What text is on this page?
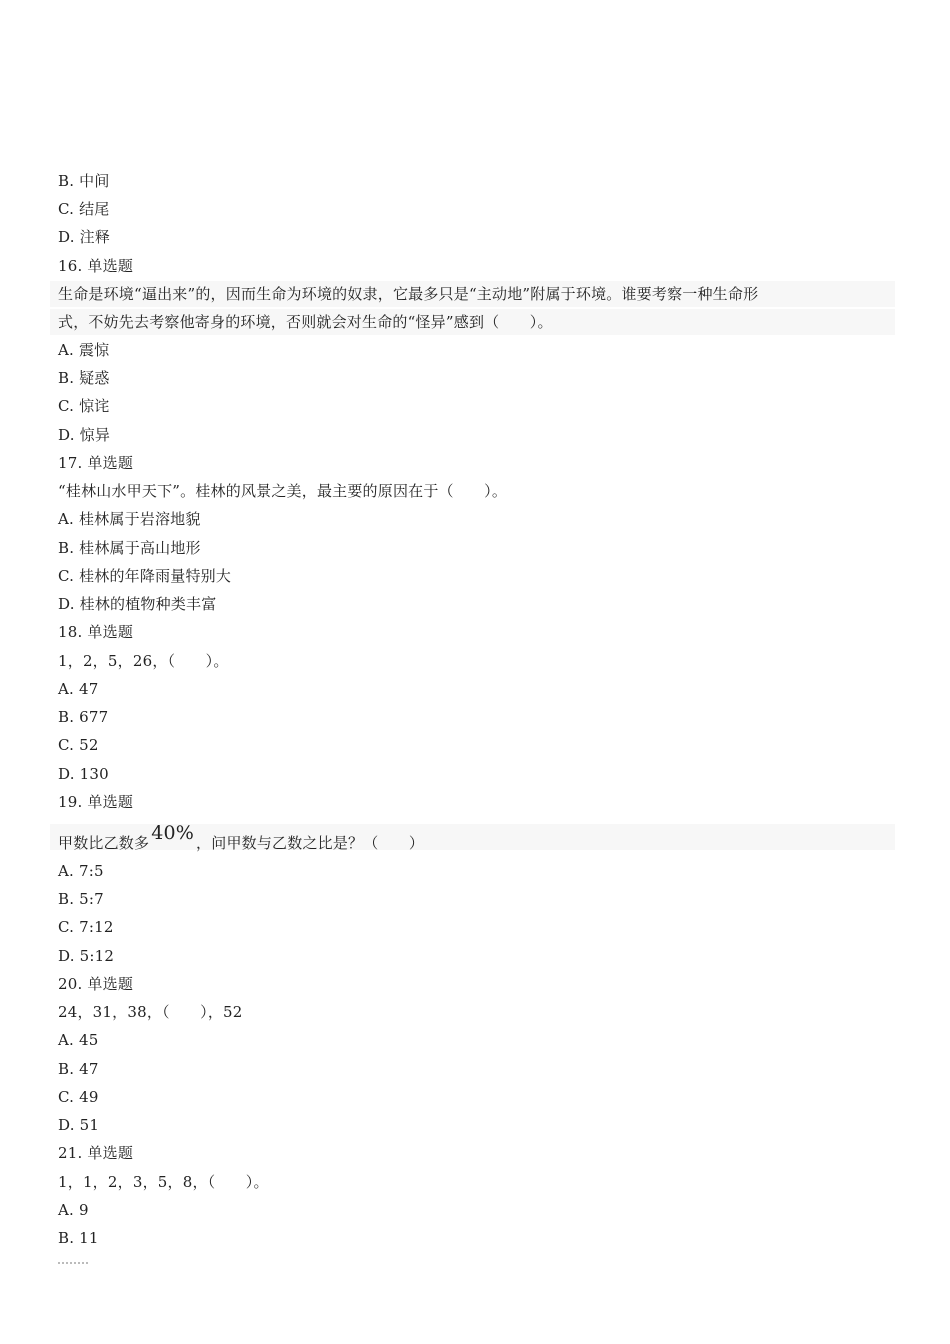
B. 中间
C. 结尾
D. 注释
16. 单选题
生命是环境“逼出来”的，因而生命为环境的奴隶，它最多只是“主动地”附属于环境。谁要考察一种生命形
式，不妨先去考察他寄身的环境，否则就会对生命的“怪异”感到（　　）。
A. 震惊
B. 疑惑
C. 惊诧
D. 惊异
17. 单选题
“桂林山水甲天下”。桂林的风景之美，最主要的原因在于（　　）。
A. 桂林属于岩溶地貌
B. 桂林属于高山地形
C. 桂林的年降雨量特别大
D. 桂林的植物种类丰富
18. 单选题
1，2，5，26，（　　）。
A. 47
B. 677
C. 52
D. 130
19. 单选题
甲数比乙数多 40% ，问甲数与乙数之比是？（　　）
A. 7:5
B. 5:7
C. 7:12
D. 5:12
20. 单选题
24，31，38，（　　），52
A. 45
B. 47
C. 49
D. 51
21. 单选题
1，1，2，3，5，8，（　　）。
A. 9
B. 11
